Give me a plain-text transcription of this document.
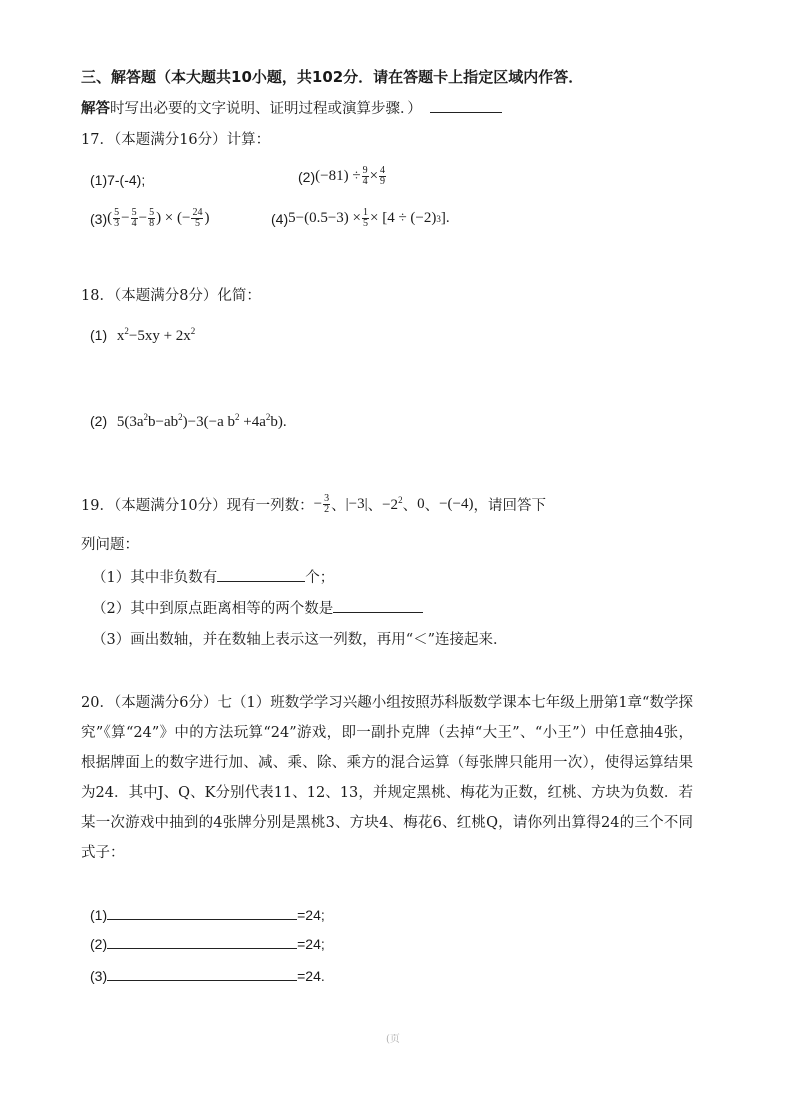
三、解答题（本大题共10小题，共102分．请在答题卡上指定区域内作答．
解答时写出必要的文字说明、证明过程或演算步骤．）
17．（本题满分16分）计算：
(1)7-(-4);	(2) $(-81) \div \frac{9}{4} \times \frac{4}{9}$
(3) ( $\frac{5}{3} - \frac{5}{4} - \frac{5}{8}$ ) × (− $\frac{24}{5}$ )	(4) $5-(0.5-3) \times \frac{1}{5} \times [4 \div (-2)$ 3 ].
18．（本题满分8分）化简：
(1) $x^2-5xy + 2x^2$
(2) $5(3a^2b-ab^2)-3(-a$ $b^2 +4a^2b$).
19．（本题满分10分）现有一列数： − $\frac{3}{2}$ 、 |−3| 、 $-2^2$ 、 0 、 −(−4) ，请回答下
列问题：
（1）其中非负数有	个；
（2）其中到原点距离相等的两个数是
（3）画出数轴，并在数轴上表示这一列数，再用“＜”连接起来．
20．（本题满分6分）七（1）班数学学习兴趣小组按照苏科版数学课本七年级上册第1章“数学探究”《算“24”》中的方法玩算“24”游戏，即一副扑克牌（去掉“大王”、“小王”）中任意抽4张，根据牌面上的数字进行加、减、乘、除、乘方的混合运算（每张牌只能用一次），使得运算结果为24．其中J、Q、K分别代表11、12、13，并规定黑桃、梅花为正数，红桃、方块为负数．若某一次游戏中抽到的4张牌分别是黑桃3、方块4、梅花6、红桃Q，请你列出算得24的三个不同式子：
(1)	=24;
(2)	=24;
(3)	=24.
(页
